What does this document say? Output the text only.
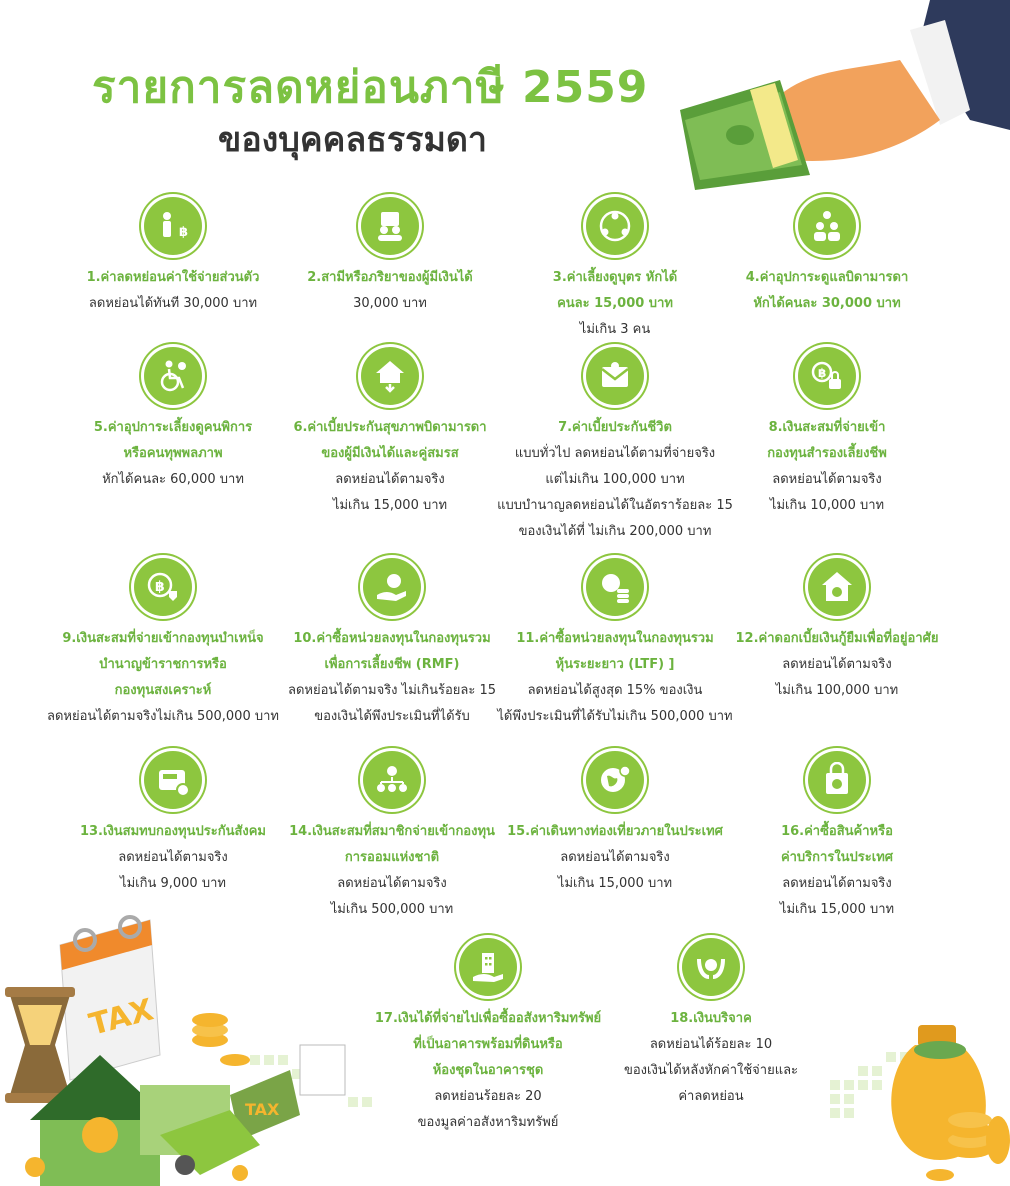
รายการลดหย่อนภาษี 2559
ของบุคคลธรรมดา
฿
1.ค่าลดหย่อนค่าใช้จ่ายส่วนตัว
ลดหย่อนได้ทันที 30,000 บาท
2.สามีหรือภริยาของผู้มีเงินได้
30,000 บาท
3.ค่าเลี้ยงดูบุตร หักได้
คนละ 15,000 บาท
ไม่เกิน 3 คน
4.ค่าอุปการะดูแลบิดามารดา
หักได้คนละ 30,000 บาท
5.ค่าอุปการะเลี้ยงดูคนพิการ
หรือคนทุพพลภาพ
หักได้คนละ 60,000 บาท
6.ค่าเบี้ยประกันสุขภาพบิดามารดา
ของผู้มีเงินได้และคู่สมรส
ลดหย่อนได้ตามจริง
ไม่เกิน 15,000 บาท
7.ค่าเบี้ยประกันชีวิต
แบบทั่วไป ลดหย่อนได้ตามที่จ่ายจริง
แต่ไม่เกิน 100,000 บาท
แบบบำนาญลดหย่อนได้ในอัตราร้อยละ 15
ของเงินได้ที่ ไม่เกิน 200,000 บาท
฿
8.เงินสะสมที่จ่ายเข้า
กองทุนสำรองเลี้ยงชีพ
ลดหย่อนได้ตามจริง
ไม่เกิน 10,000 บาท
฿
9.เงินสะสมที่จ่ายเข้ากองทุนบำเหน็จ
บำนาญข้าราชการหรือ
กองทุนสงเคราะห์
ลดหย่อนได้ตามจริงไม่เกิน 500,000 บาท
10.ค่าซื้อหน่วยลงทุนในกองทุนรวม
เพื่อการเลี้ยงชีพ (RMF)
ลดหย่อนได้ตามจริง ไม่เกินร้อยละ 15
ของเงินได้พึงประเมินที่ได้รับ
11.ค่าซื้อหน่วยลงทุนในกองทุนรวม
หุ้นระยะยาว (LTF) ]
ลดหย่อนได้สูงสุด 15% ของเงิน
ได้พึงประเมินที่ได้รับไม่เกิน 500,000 บาท
12.ค่าดอกเบี้ยเงินกู้ยืมเพื่อที่อยู่อาศัย
ลดหย่อนได้ตามจริง
ไม่เกิน 100,000 บาท
13.เงินสมทบกองทุนประกันสังคม
ลดหย่อนได้ตามจริง
ไม่เกิน 9,000 บาท
14.เงินสะสมที่สมาชิกจ่ายเข้ากองทุน
การออมแห่งชาติ
ลดหย่อนได้ตามจริง
ไม่เกิน 500,000 บาท
15.ค่าเดินทางท่องเที่ยวภายในประเทศ
ลดหย่อนได้ตามจริง
ไม่เกิน 15,000 บาท
16.ค่าซื้อสินค้าหรือ
ค่าบริการในประเทศ
ลดหย่อนได้ตามจริง
ไม่เกิน 15,000 บาท
17.เงินได้ที่จ่ายไปเพื่อซื้ออสังหาริมทรัพย์
ที่เป็นอาคารพร้อมที่ดินหรือ
ห้องชุดในอาคารชุด
ลดหย่อนร้อยละ 20
ของมูลค่าอสังหาริมทรัพย์
18.เงินบริจาค
ลดหย่อนได้ร้อยละ 10
ของเงินได้หลังหักค่าใช้จ่ายและ
ค่าลดหย่อน
TAX
TAX
